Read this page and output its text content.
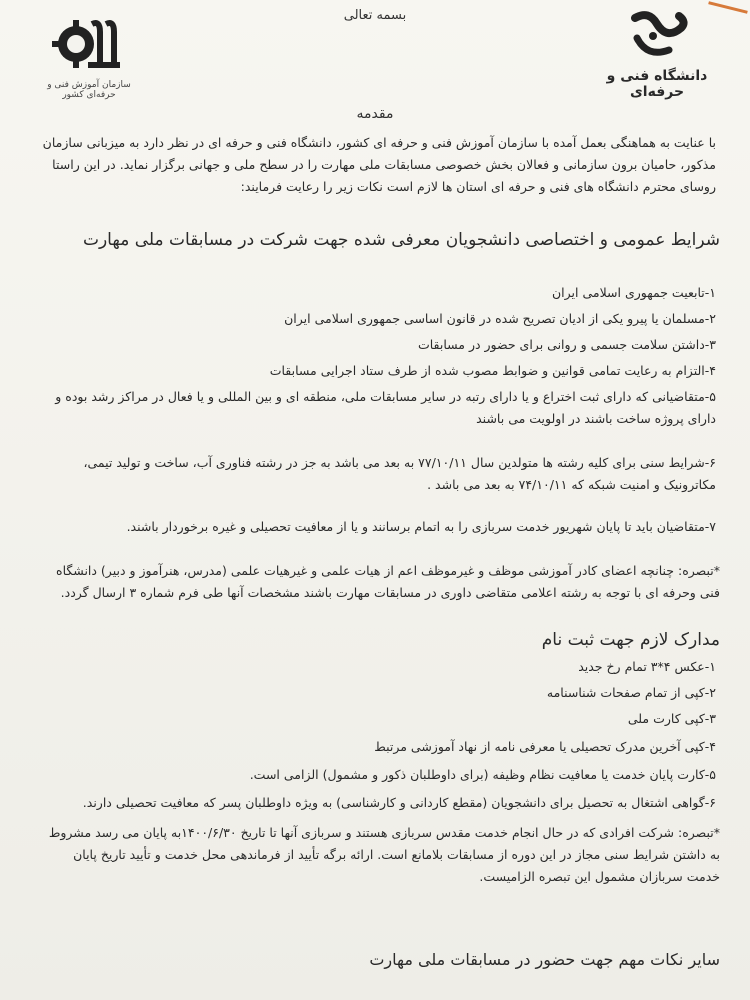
بسمه تعالی
دانشگاه فنی و حرفه‌ای
سازمان آموزش فنی و حرفه‌ای کشور
مقدمه
با عنایت به هماهنگی بعمل آمده با سازمان آموزش فنی و حرفه ای کشور، دانشگاه فنی و حرفه ای در نظر دارد به میزبانی سازمان مذکور، حامیان برون سازمانی و فعالان بخش خصوصی مسابقات ملی مهارت را در سطح ملی و جهانی برگزار نماید. در این راستا روسای محترم دانشگاه های فنی و حرفه ای استان ها لازم است نکات زیر را رعایت فرمایند:
شرایط عمومی و اختصاصی دانشجویان معرفی شده جهت شرکت در مسابقات ملی مهارت
۱-تابعیت جمهوری اسلامی ایران
۲-مسلمان یا پیرو یکی از ادیان تصریح شده در قانون اساسی جمهوری اسلامی ایران
۳-داشتن سلامت جسمی و روانی برای حضور در مسابقات
۴-التزام به رعایت تمامی قوانین و ضوابط مصوب شده از طرف ستاد اجرایی مسابقات
۵-متقاضیانی که دارای ثبت اختراع و یا دارای رتبه در سایر مسابقات ملی، منطقه ای و بین المللی و یا فعال در مراکز رشد بوده و دارای پروژه ساخت باشند در اولویت می باشند
۶-شرایط سنی برای کلیه رشته ها متولدین سال ۷۷/۱۰/۱۱ به بعد می باشد به جز در رشته فناوری آب، ساخت و تولید تیمی، مکاترونیک و امنیت شبکه که ۷۴/۱۰/۱۱ به بعد می باشد .
۷-متقاضیان باید تا پایان شهریور خدمت سربازی را به اتمام برسانند و یا از معافیت تحصیلی و غیره برخوردار باشند.
*تبصره: چنانچه اعضای کادر آموزشی موظف و غیرموظف اعم از هیات علمی و غیرهیات علمی (مدرس، هنرآموز و دبیر) دانشگاه فنی وحرفه ای با توجه به رشته اعلامی متقاضی داوری در مسابقات مهارت باشند مشخصات آنها طی فرم شماره ۳ ارسال گردد.
مدارک لازم جهت ثبت نام
۱-عکس ۴*۳ تمام رخ جدید
۲-کپی از تمام صفحات شناسنامه
۳-کپی کارت ملی
۴-کپی آخرین مدرک تحصیلی یا معرفی نامه از نهاد آموزشی مرتبط
۵-کارت پایان خدمت یا معافیت نظام وظیفه (برای داوطلبان ذکور و مشمول) الزامی است.
۶-گواهی اشتغال به تحصیل برای دانشجویان (مقطع کاردانی و کارشناسی) به ویژه داوطلبان پسر که معافیت تحصیلی دارند.
*تبصره: شرکت افرادی که در حال انجام خدمت مقدس سربازی هستند و سربازی آنها تا تاریخ ۱۴۰۰/۶/۳۰به پایان می رسد مشروط به داشتن شرایط سنی مجاز در این دوره از مسابقات بلامانع است. ارائه برگه تأیید از فرماندهی محل خدمت و تأیید تاریخ پایان خدمت سربازان مشمول این تبصره الزامیست.
سایر نکات مهم جهت حضور در مسابقات ملی مهارت
